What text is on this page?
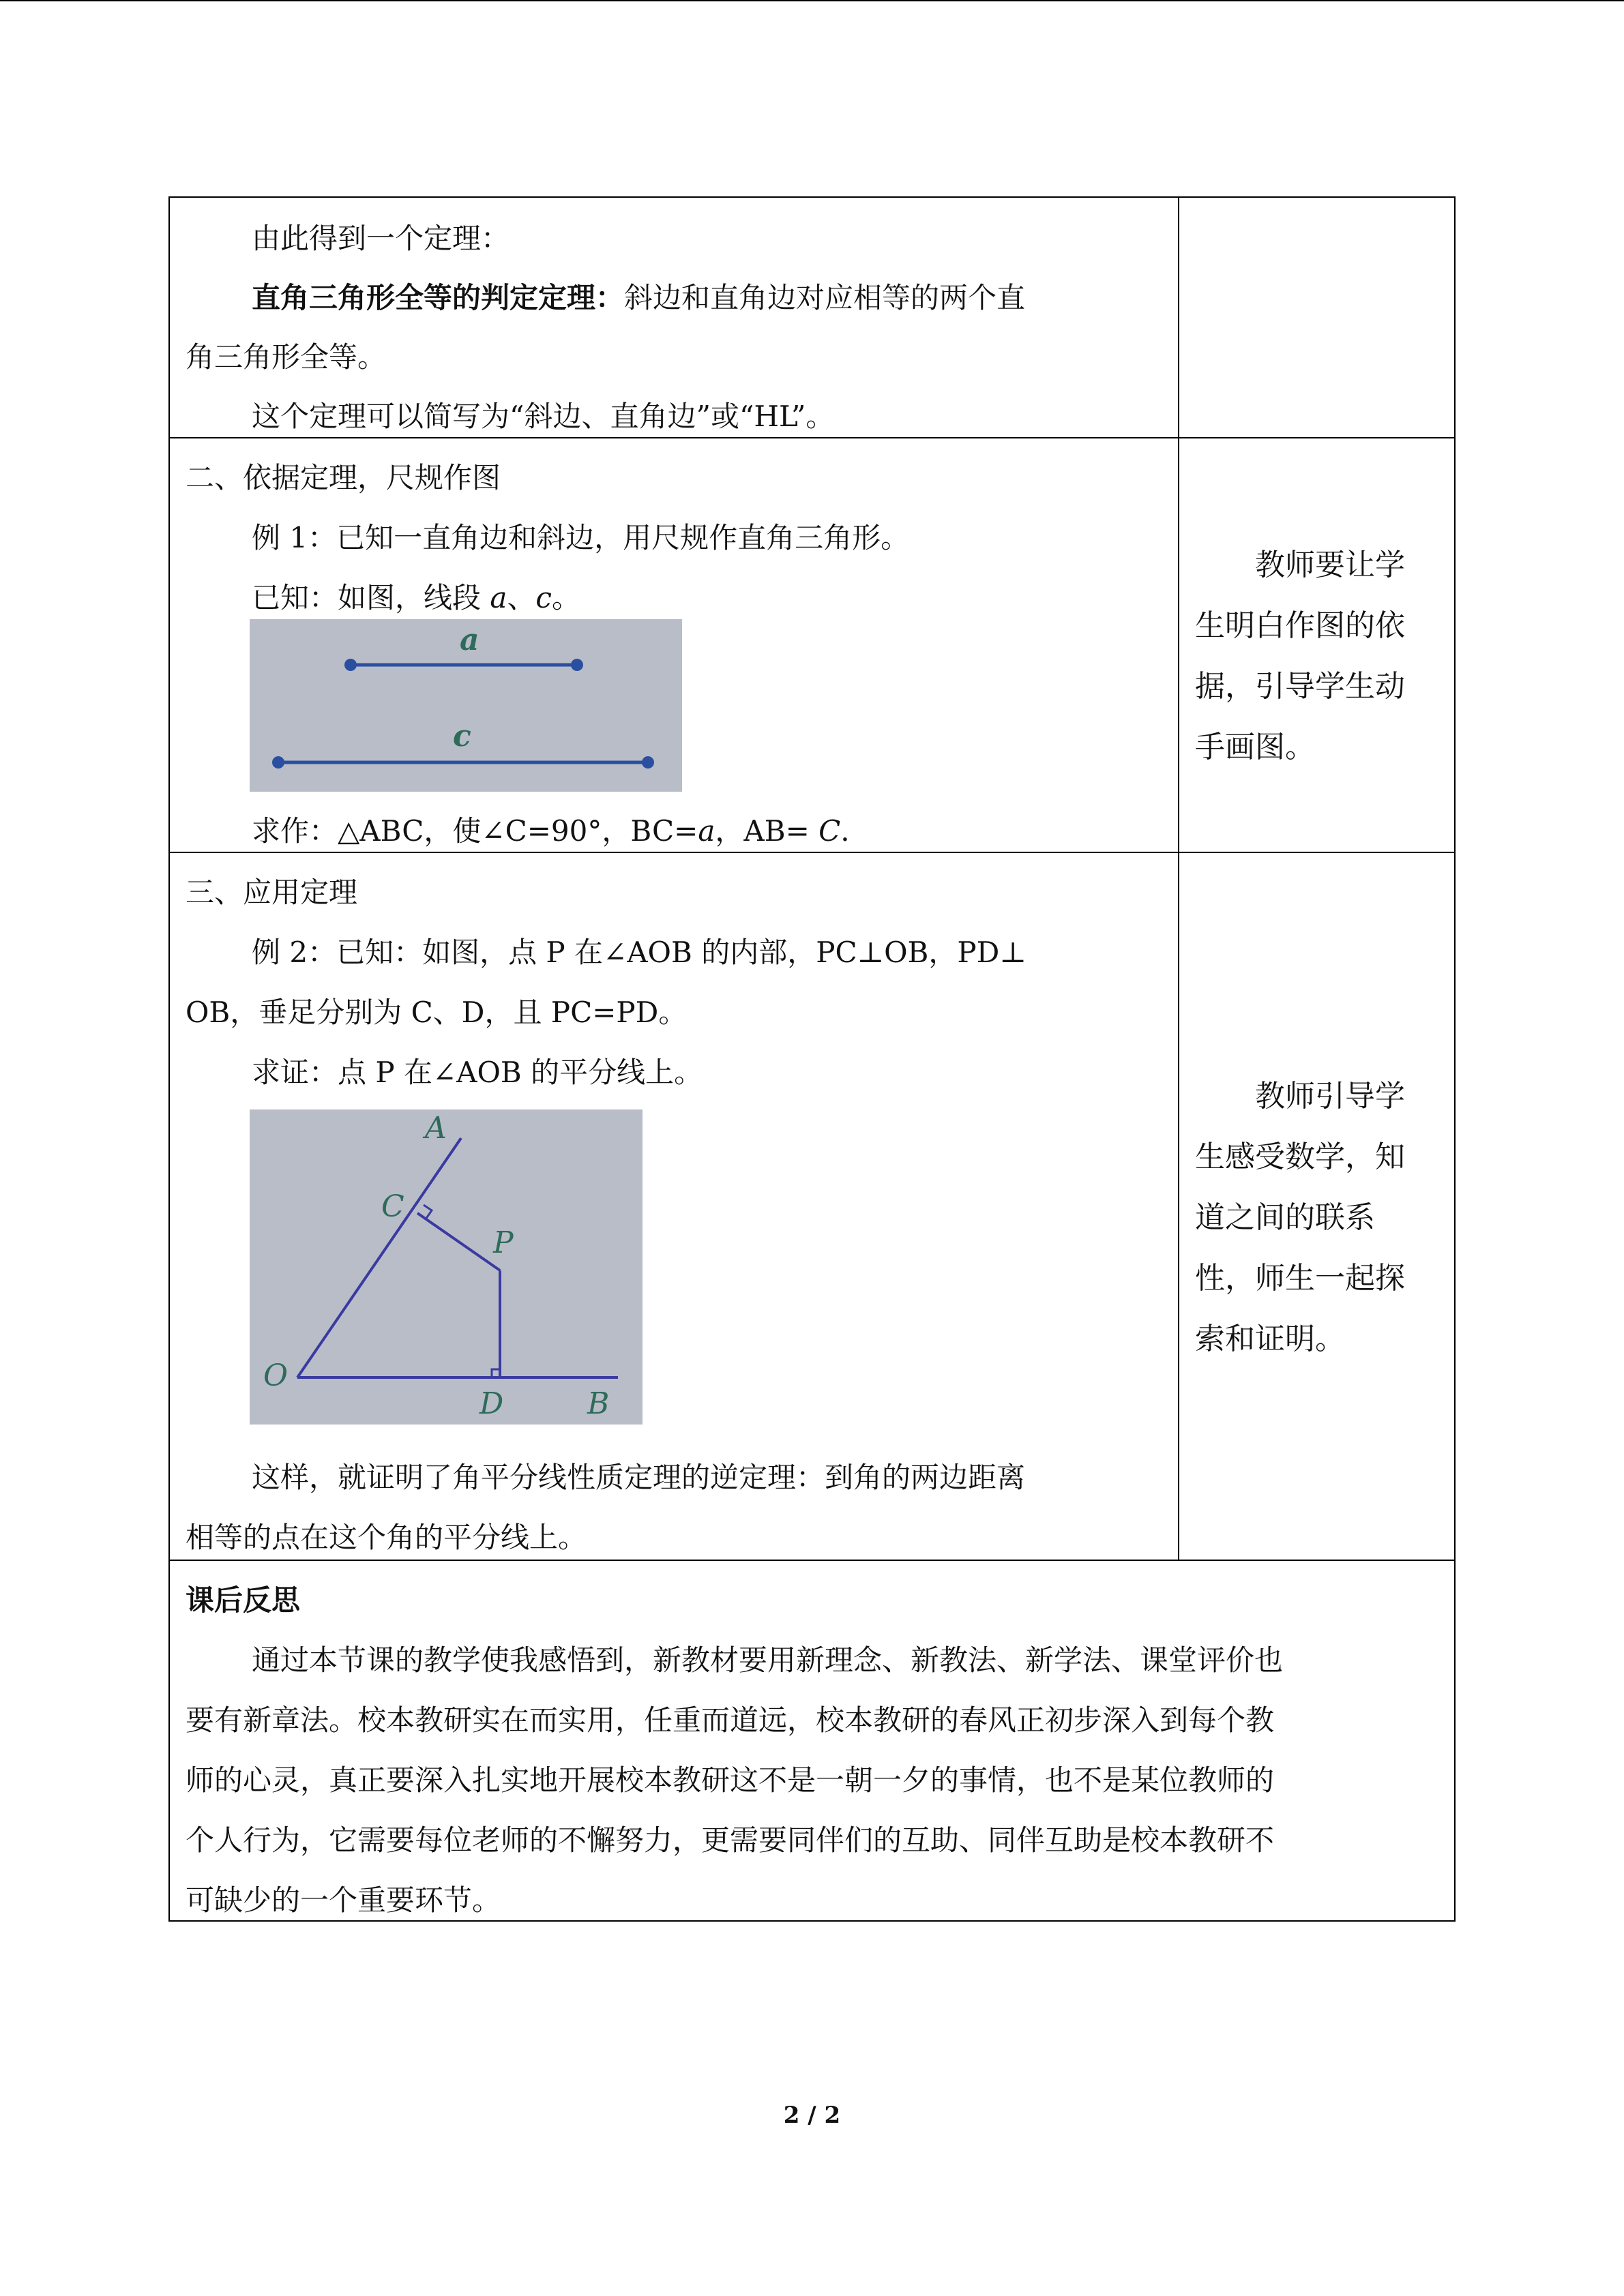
由此得到一个定理：
直角三角形全等的判定定理：斜边和直角边对应相等的两个直
角三角形全等。
这个定理可以简写为“斜边、直角边”或“HL”。
二、依据定理，尺规作图
例 1：已知一直角边和斜边，用尺规作直角三角形。
已知：如图，线段 a、c。
a
c
求作：△ABC，使∠C=90°，BC=a，AB= C.
　　教师要让学
生明白作图的依
据，引导学生动
手画图。
三、应用定理
例 2：已知：如图，点 P 在∠AOB 的内部，PC⊥OB，PD⊥
OB，垂足分别为 C、D，且 PC=PD。
求证：点 P 在∠AOB 的平分线上。
A
C
P
O
D	B
这样，就证明了角平分线性质定理的逆定理：到角的两边距离
相等的点在这个角的平分线上。
　　教师引导学
生感受数学，知
道之间的联系
性，师生一起探
索和证明。
课后反思
通过本节课的教学使我感悟到，新教材要用新理念、新教法、新学法、课堂评价也
要有新章法。校本教研实在而实用，任重而道远，校本教研的春风正初步深入到每个教
师的心灵，真正要深入扎实地开展校本教研这不是一朝一夕的事情，也不是某位教师的
个人行为，它需要每位老师的不懈努力，更需要同伴们的互助、同伴互助是校本教研不
可缺少的一个重要环节。
2 / 2
